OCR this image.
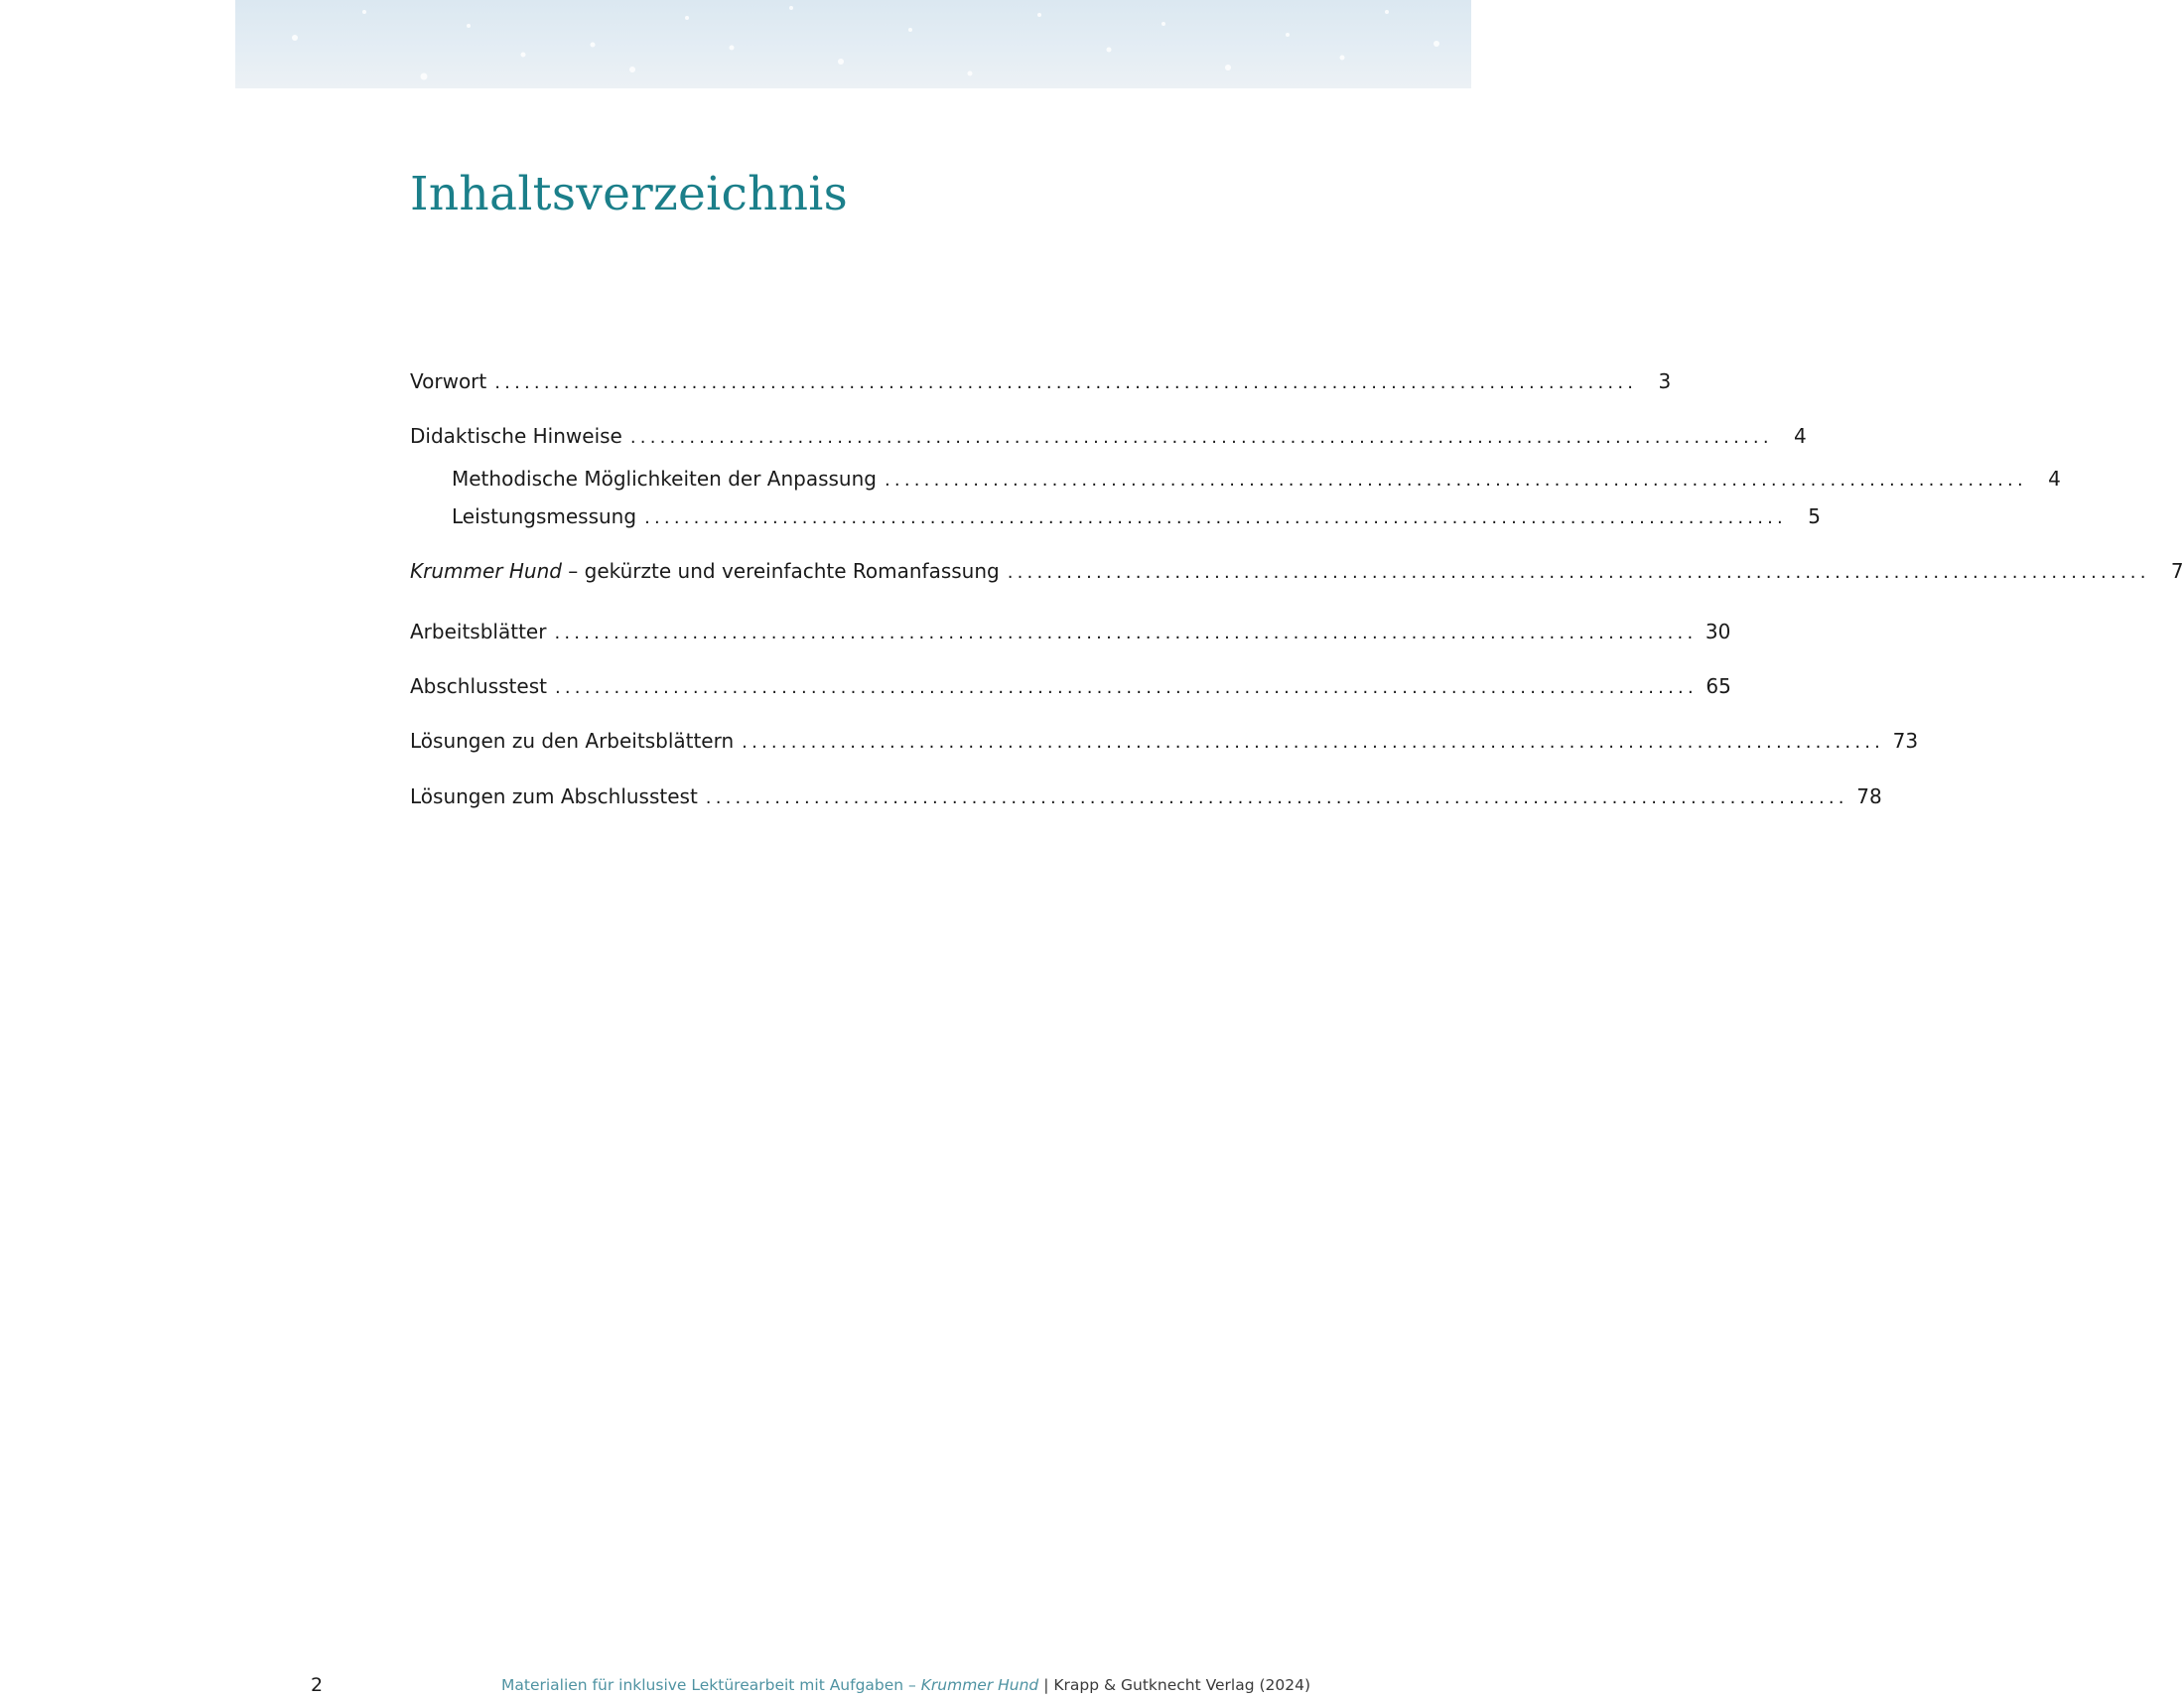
Inhaltsverzeichnis
Vorwort ....................................................................................................................	3
Didaktische Hinweise ....................................................................................................................	4
Methodische Möglichkeiten der Anpassung ....................................................................................................................	4
Leistungsmessung ....................................................................................................................	5
Krummer Hund – gekürzte und vereinfachte Romanfassung ....................................................................................................................	7
Arbeitsblätter .................................................................................................................... 30
Abschlusstest .................................................................................................................... 65
Lösungen zu den Arbeitsblättern .................................................................................................................... 73
Lösungen zum Abschlusstest .................................................................................................................... 78
2	Materialien für inklusive Lektürearbeit mit Aufgaben – Krummer Hund | Krapp & Gutknecht Verlag (2024)
